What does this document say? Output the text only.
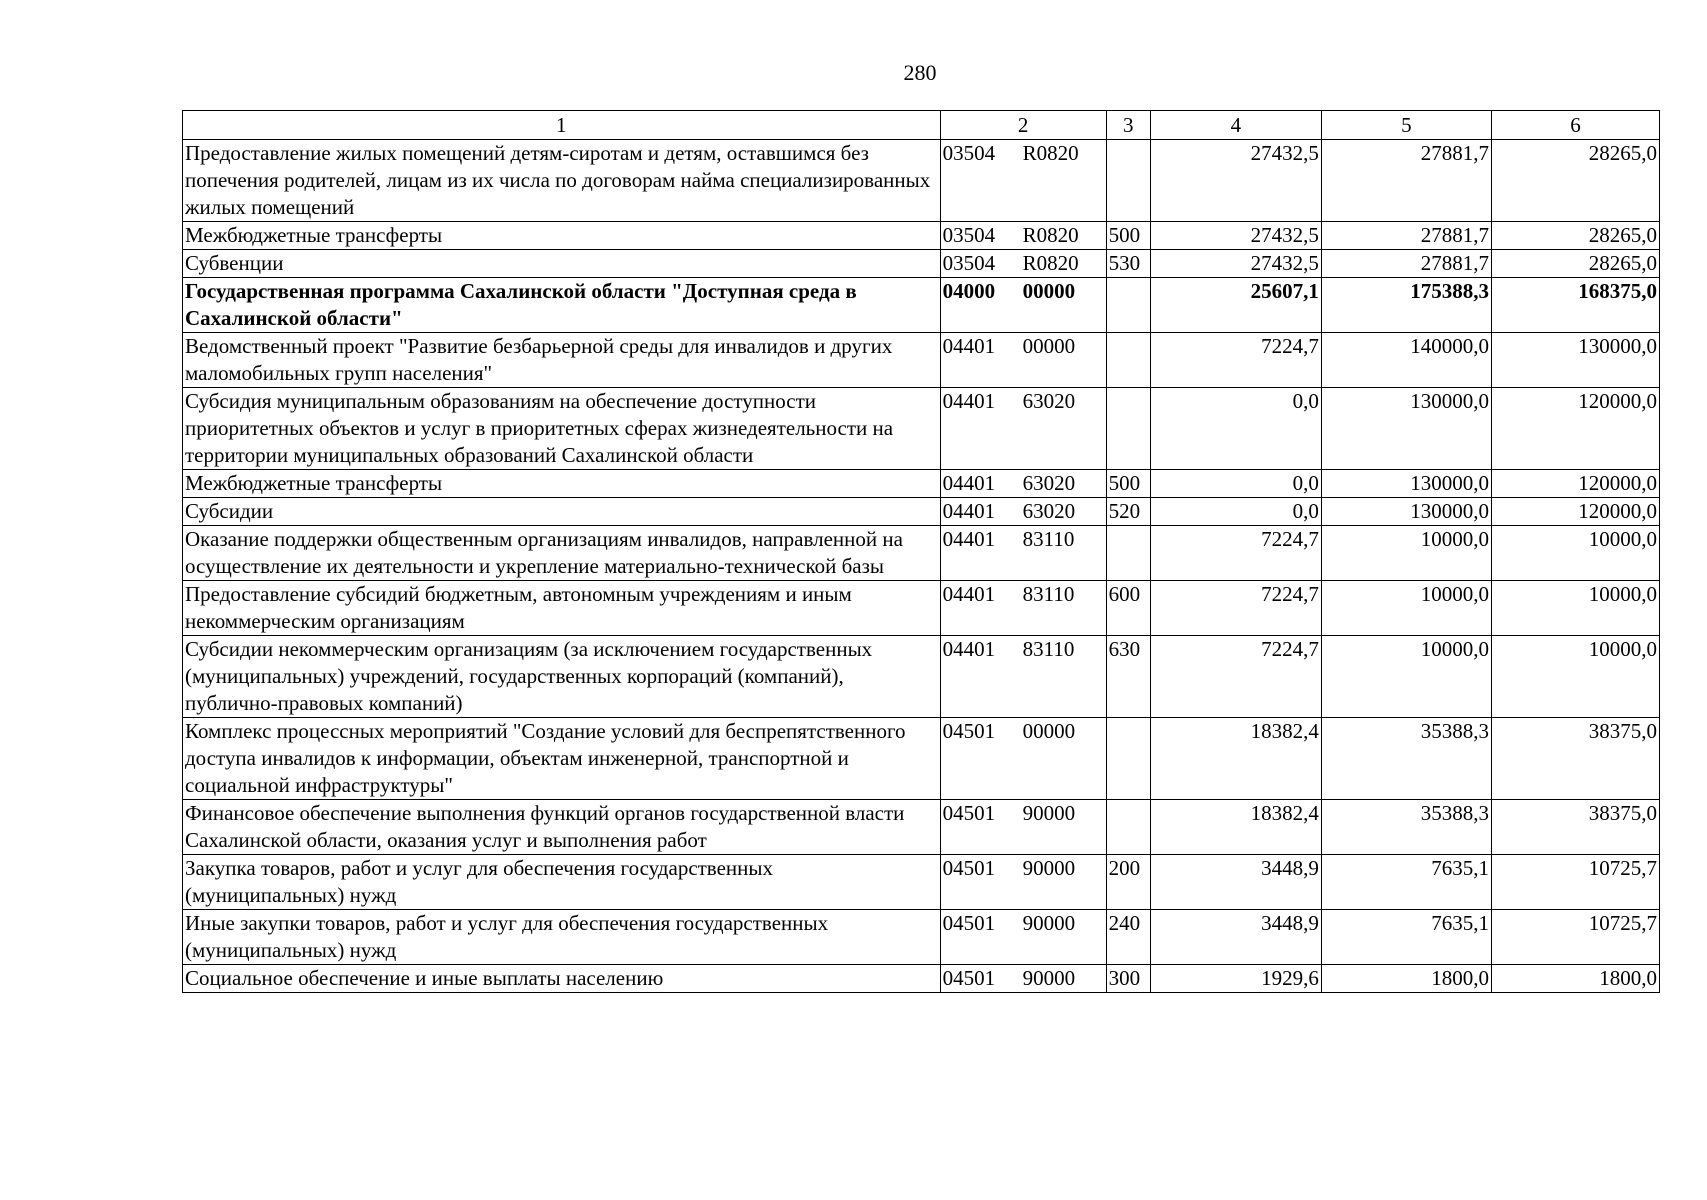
280
1	2	3	4	5	6
Предоставление жилых помещений детям-сиротам и детям, оставшимся без попечения родителей, лицам из их числа по договорам найма специализированных жилых помещений	03504 R0820		27432,5	27881,7	28265,0
Межбюджетные трансферты	03504 R0820	500	27432,5	27881,7	28265,0
Субвенции	03504 R0820	530	27432,5	27881,7	28265,0
Государственная программа Сахалинской области "Доступная среда в Сахалинской области"	04000 00000		25607,1	175388,3	168375,0
Ведомственный проект "Развитие безбарьерной среды для инвалидов и других маломобильных групп населения"	04401 00000		7224,7	140000,0	130000,0
Субсидия муниципальным образованиям на обеспечение доступности приоритетных объектов и услуг в приоритетных сферах жизнедеятельности на территории муниципальных образований Сахалинской области	04401 63020		0,0	130000,0	120000,0
Межбюджетные трансферты	04401 63020	500	0,0	130000,0	120000,0
Субсидии	04401 63020	520	0,0	130000,0	120000,0
Оказание поддержки общественным организациям инвалидов, направленной на осуществление их деятельности и укрепление материально-технической базы	04401 83110		7224,7	10000,0	10000,0
Предоставление субсидий бюджетным, автономным учреждениям и иным некоммерческим организациям	04401 83110	600	7224,7	10000,0	10000,0
Субсидии некоммерческим организациям (за исключением государственных (муниципальных) учреждений, государственных корпораций (компаний), публично-правовых компаний)	04401 83110	630	7224,7	10000,0	10000,0
Комплекс процессных мероприятий "Создание условий для беспрепятственного доступа инвалидов к информации, объектам инженерной, транспортной и социальной инфраструктуры"	04501 00000		18382,4	35388,3	38375,0
Финансовое обеспечение выполнения функций органов государственной власти Сахалинской области, оказания услуг и выполнения работ	04501 90000		18382,4	35388,3	38375,0
Закупка товаров, работ и услуг для обеспечения государственных (муниципальных) нужд	04501 90000	200	3448,9	7635,1	10725,7
Иные закупки товаров, работ и услуг для обеспечения государственных (муниципальных) нужд	04501 90000	240	3448,9	7635,1	10725,7
Социальное обеспечение и иные выплаты населению	04501 90000	300	1929,6	1800,0	1800,0
